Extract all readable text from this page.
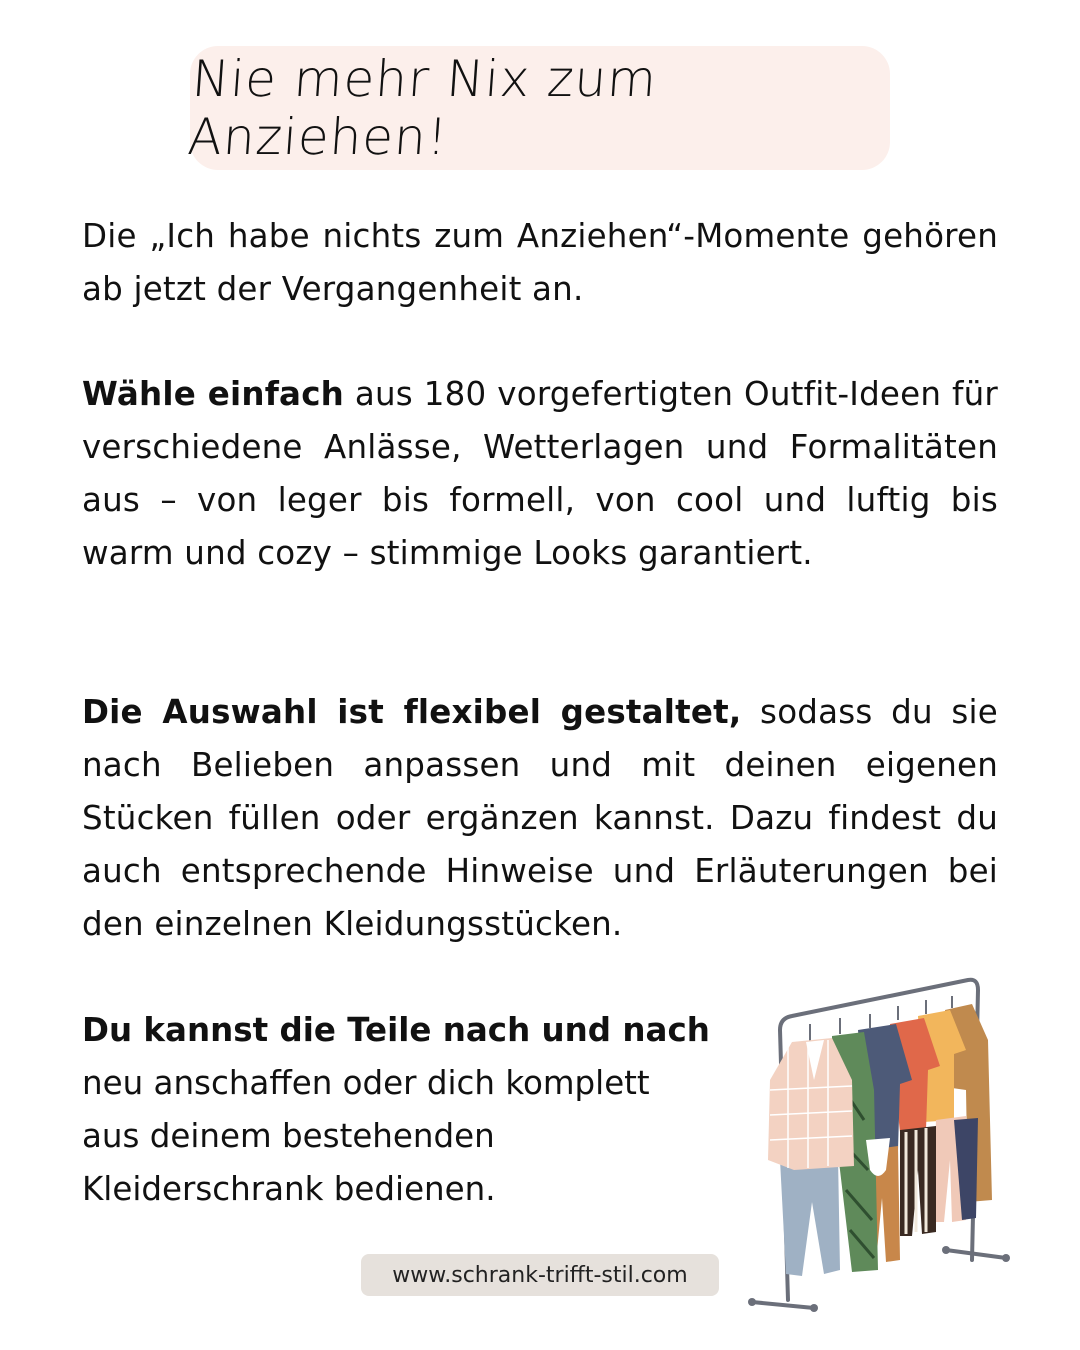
Nie mehr Nix zum Anziehen!

Die „Ich habe nichts zum Anziehen“-Momente gehören ab jetzt der Vergangenheit an.

Wähle einfach aus 180 vorgefertigten Outfit-Ideen für verschiedene Anlässe, Wetterlagen und Formalitäten aus – von leger bis formell, von cool und luftig bis warm und cozy – stimmige Looks garantiert.

Die Auswahl ist flexibel gestaltet, sodass du sie nach Belieben anpassen und mit deinen eigenen Stücken füllen oder ergänzen kannst. Dazu findest du auch entsprechende Hinweise und Erläuterungen bei den einzelnen Kleidungsstücken.

Du kannst die Teile nach und nach
neu anschaffen oder dich komplett
aus deinem bestehenden
Kleiderschrank bedienen.
www.schrank-trifft-stil.com
